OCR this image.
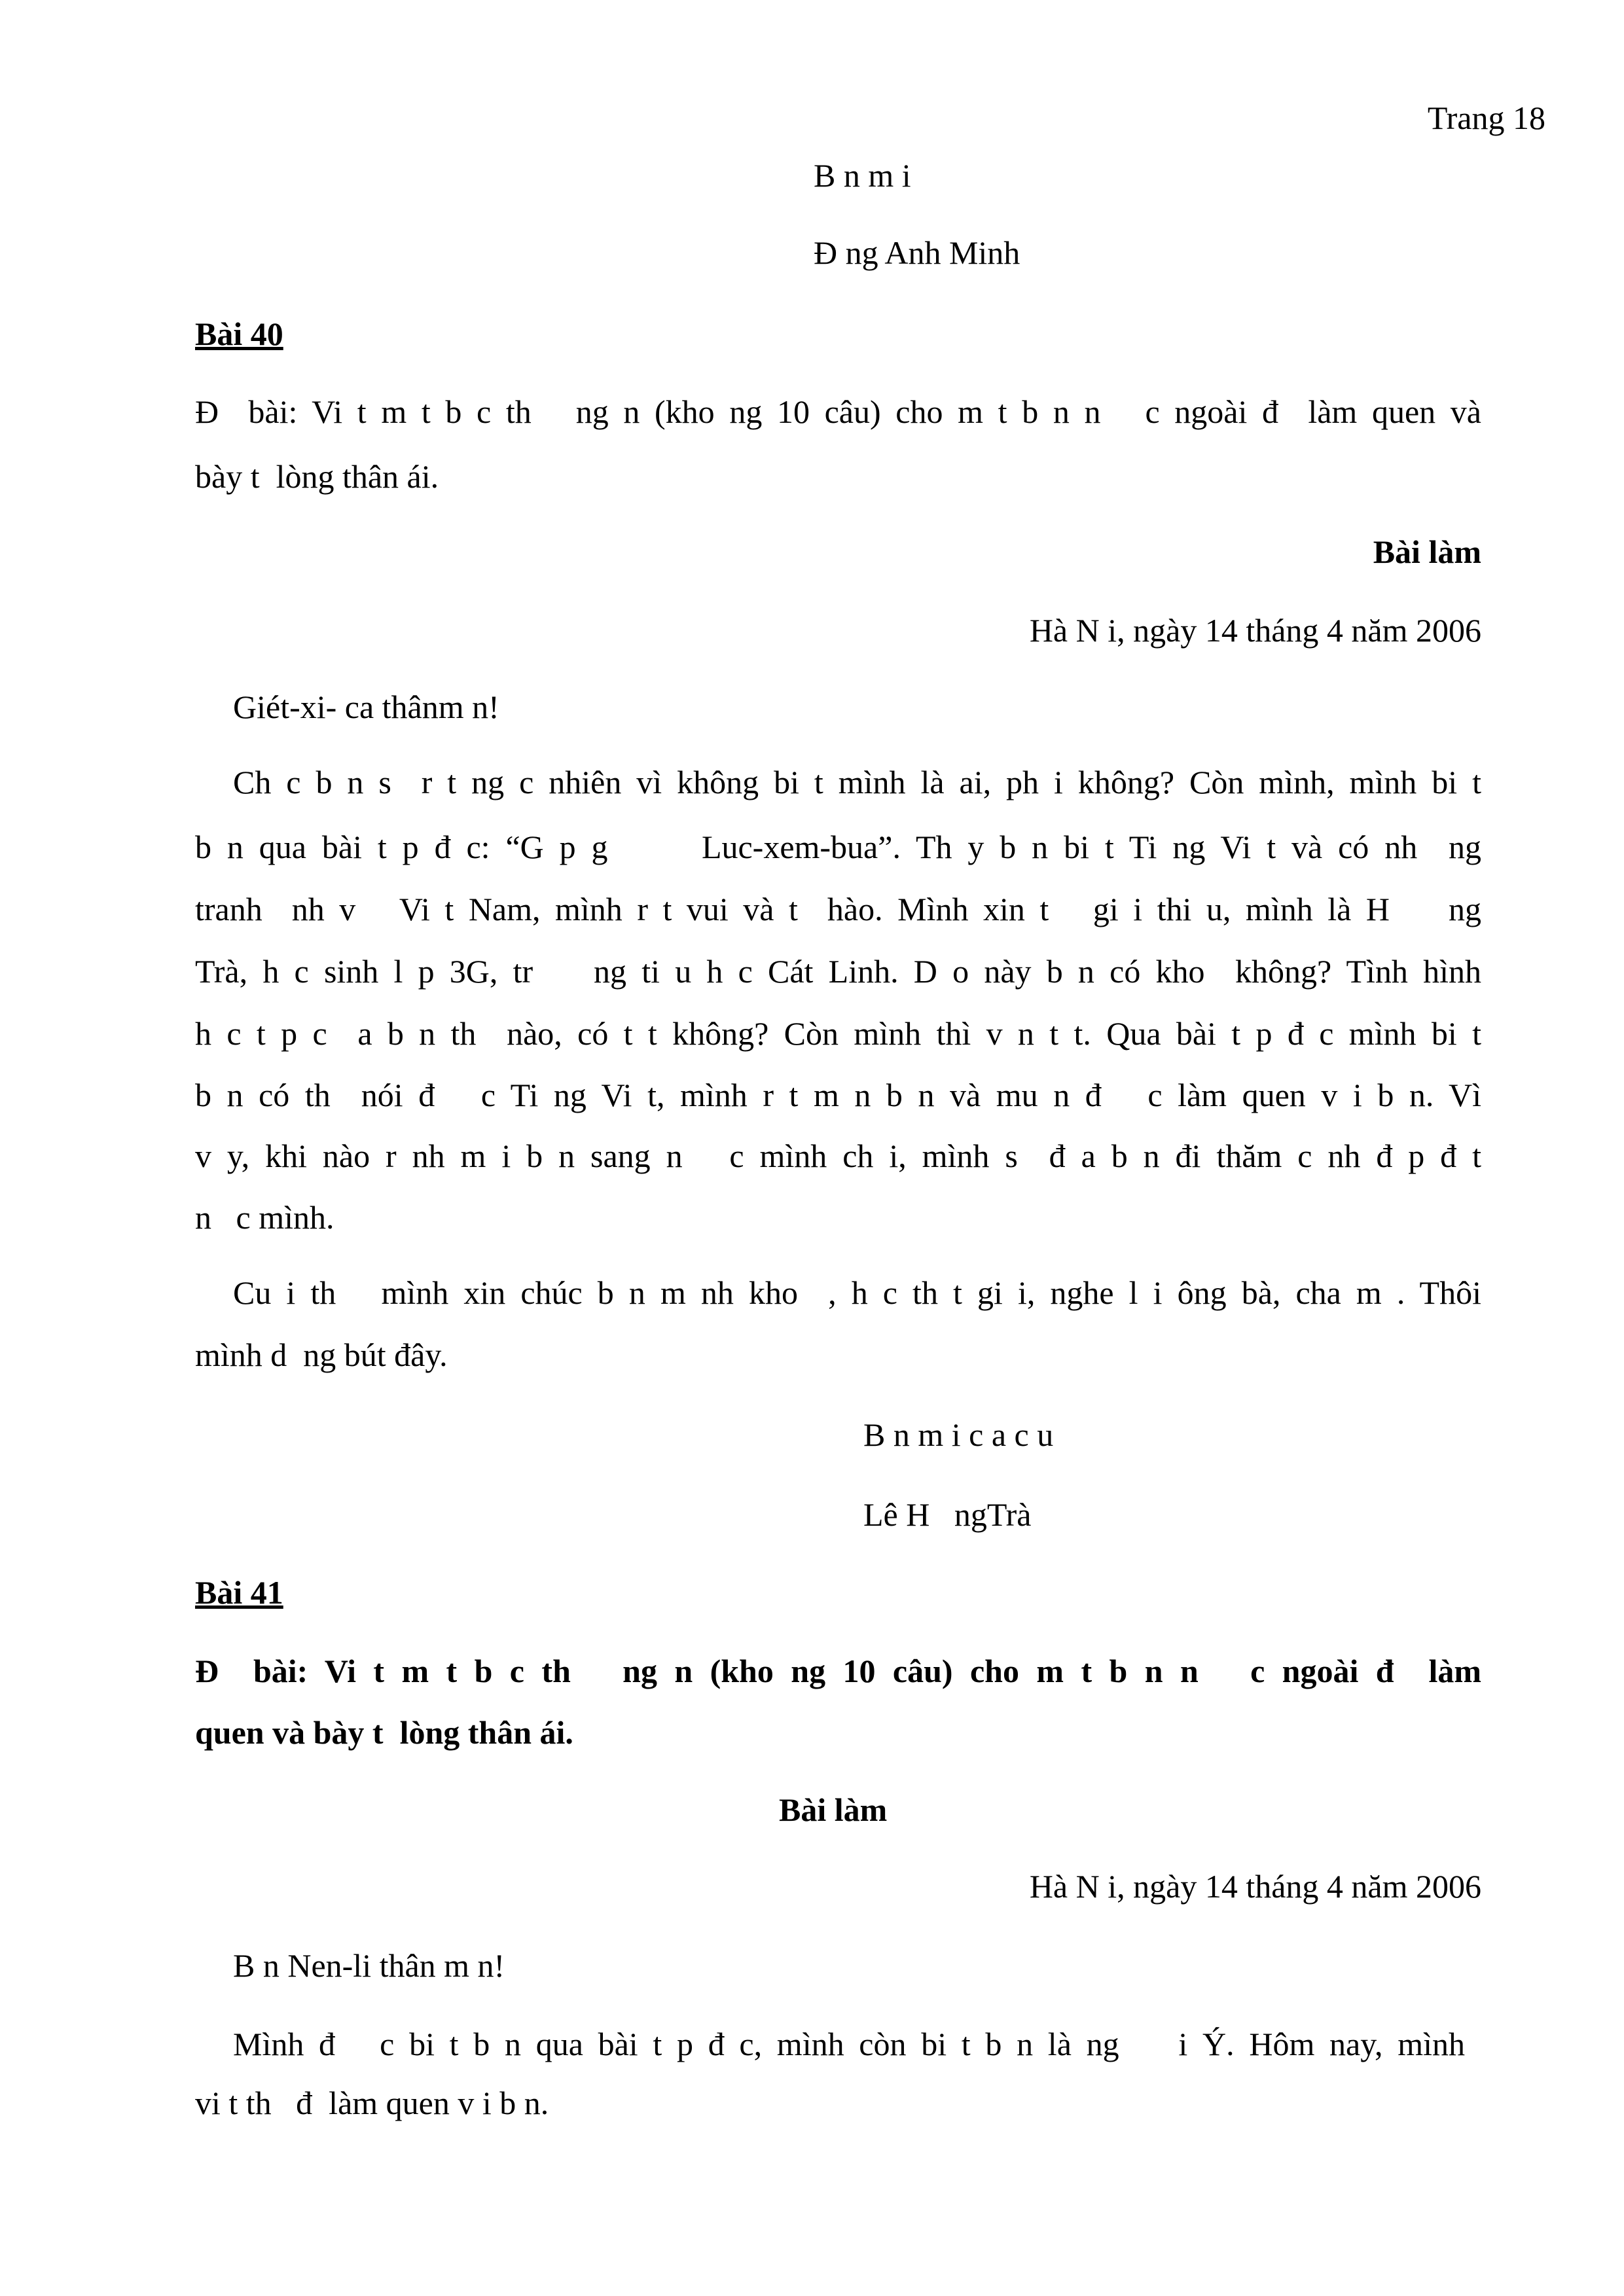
Trang 18
B n m i
Đ ng Anh Minh
Bài 40
Đ  bài: Vi t m t b c th   ng n (kho ng 10 câu) cho m t b n n   c ngoài đ  làm quen và
bày t  lòng thân ái.
Bài làm
Hà N i, ngày 14 tháng 4 năm 2006
Giét-xi- ca thânm n!
Ch c b n s  r t ng c nhiên vì không bi t mình là ai, ph i không? Còn mình, mình bi t
b n qua bài t p đ c: “G p g      Luc-xem-bua”. Th y b n bi t Ti ng Vi t và có nh  ng
tranh  nh v   Vi t Nam, mình r t vui và t  hào. Mình xin t   gi i thi u, mình là H    ng
Trà, h c sinh l p 3G, tr    ng ti u h c Cát Linh. D o này b n có kho  không? Tình hình
h c t p c  a b n th  nào, có t t không? Còn mình thì v n t t. Qua bài t p đ c mình bi t
b n có th  nói đ   c Ti ng Vi t, mình r t m n b n và mu n đ   c làm quen v i b n. Vì
v y, khi nào r nh m i b n sang n   c mình ch i, mình s  đ a b n đi thăm c nh đ p đ t
n   c mình.
Cu i th   mình xin chúc b n m nh kho  , h c th t gi i, nghe l i ông bà, cha m . Thôi
mình d  ng bút đây.
B n m i c a c u
Lê H   ngTrà
Bài 41
Đ  bài: Vi t m t b c th   ng n (kho ng 10 câu) cho m t b n n   c ngoài đ  làm
quen và bày t  lòng thân ái.
Bài làm
Hà N i, ngày 14 tháng 4 năm 2006
B n Nen-li thân m n!
Mình đ   c bi t b n qua bài t p đ c, mình còn bi t b n là ng    i Ý. Hôm nay, mình
vi t th   đ  làm quen v i b n.
